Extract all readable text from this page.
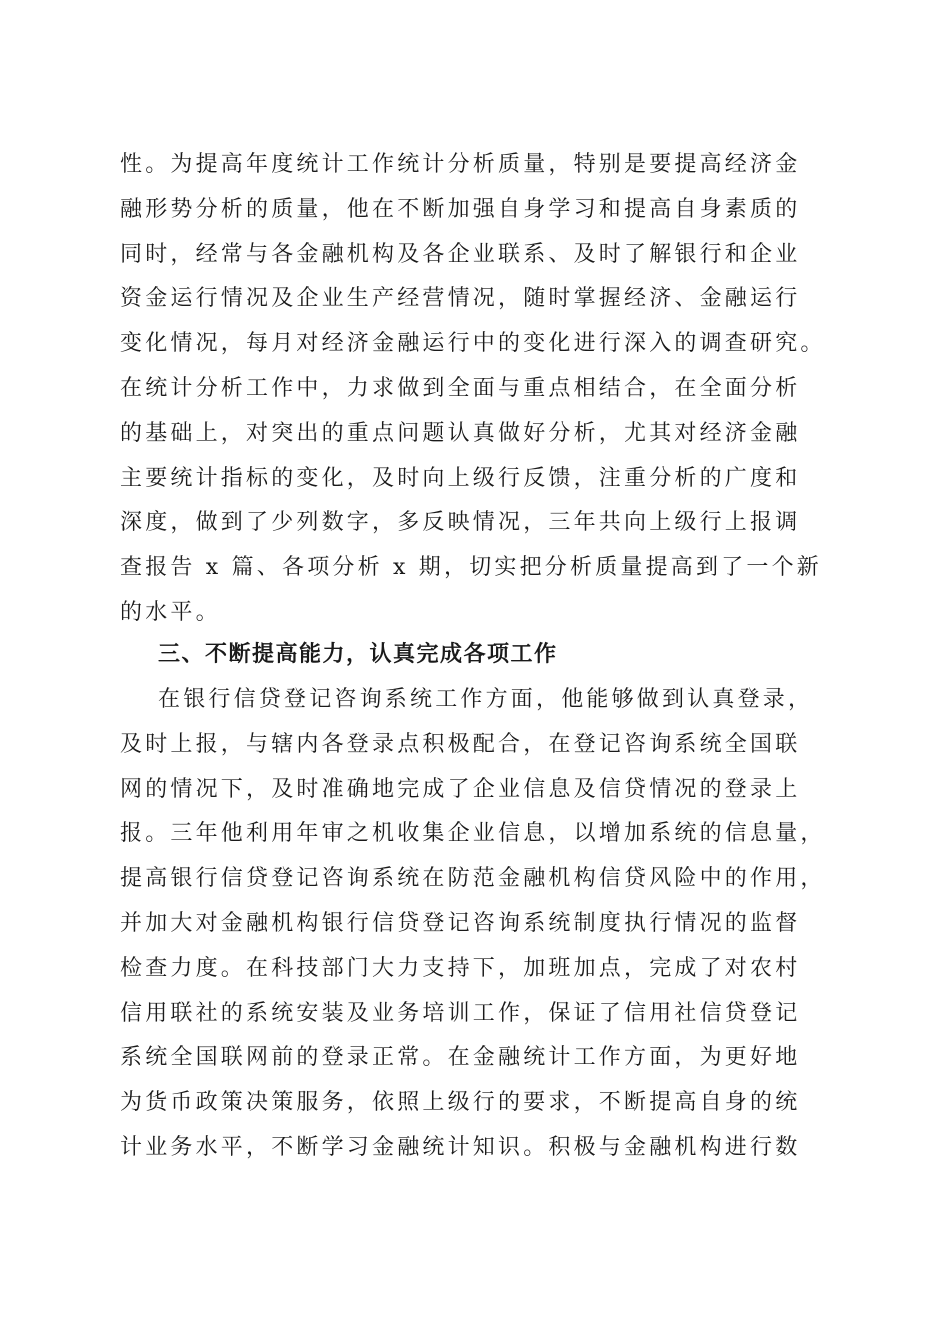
性。为提高年度统计工作统计分析质量，特别是要提高经济金
融形势分析的质量，他在不断加强自身学习和提高自身素质的
同时，经常与各金融机构及各企业联系、及时了解银行和企业
资金运行情况及企业生产经营情况，随时掌握经济、金融运行
变化情况，每月对经济金融运行中的变化进行深入的调查研究。
在统计分析工作中，力求做到全面与重点相结合，在全面分析
的基础上，对突出的重点问题认真做好分析，尤其对经济金融
主要统计指标的变化，及时向上级行反馈，注重分析的广度和
深度，做到了少列数字，多反映情况，三年共向上级行上报调
查报告 x 篇、各项分析 x 期，切实把分析质量提高到了一个新
的水平。
三、不断提高能力，认真完成各项工作
在银行信贷登记咨询系统工作方面，他能够做到认真登录，
及时上报，与辖内各登录点积极配合，在登记咨询系统全国联
网的情况下，及时准确地完成了企业信息及信贷情况的登录上
报。三年他利用年审之机收集企业信息，以增加系统的信息量，
提高银行信贷登记咨询系统在防范金融机构信贷风险中的作用，
并加大对金融机构银行信贷登记咨询系统制度执行情况的监督
检查力度。在科技部门大力支持下，加班加点，完成了对农村
信用联社的系统安装及业务培训工作，保证了信用社信贷登记
系统全国联网前的登录正常。在金融统计工作方面，为更好地
为货币政策决策服务，依照上级行的要求，不断提高自身的统
计业务水平，不断学习金融统计知识。积极与金融机构进行数
